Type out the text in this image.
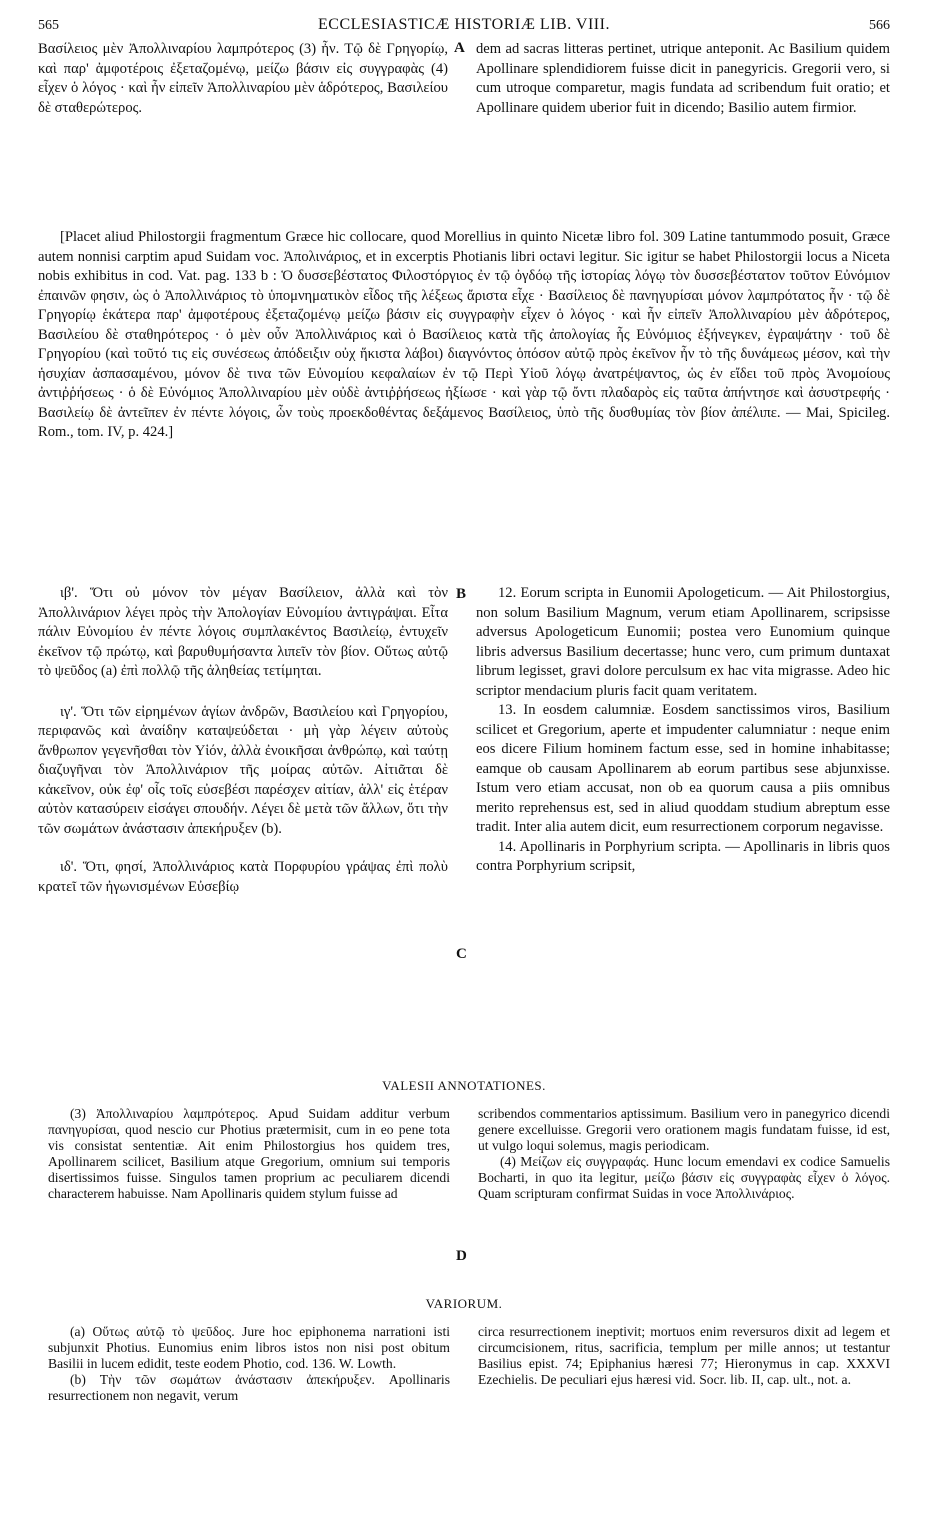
565	ECCLESIASTICÆ HISTORIÆ LIB. VIII.	566

Βασίλειος μὲν Ἀπολλιναρίου λαμπρότερος (3) ἦν. Τῷ δὲ Γρηγορίῳ, καὶ παρ' ἀμφοτέροις ἐξεταζομένῳ, μείζω βάσιν εἰς συγγραφὰς (4) εἶχεν ὁ λόγος · καὶ ἦν εἰπεῖν Ἀπολλιναρίου μὲν ἁδρότερος, Βασιλείου δὲ σταθερώτερος.

A dem ad sacras litteras pertinet, utrique anteponit. Ac Basilium quidem Apollinare splendidiorem fuisse dicit in panegyricis. Gregorii vero, si cum utroque comparetur, magis fundata ad scribendum fuit oratio; et Apollinare quidem uberior fuit in dicendo; Basilio autem firmior.

[Placet aliud Philostorgii fragmentum Græce hic collocare, quod Morellius in quinto Nicetæ libro fol. 309 Latine tantummodo posuit, Græce autem nonnisi carptim apud Suidam voc. Ἀπολινάριος, et in excerptis Photianis libri octavi legitur. Sic igitur se habet Philostorgii locus a Niceta nobis exhibitus in cod. Vat. pag. 133 b : Ὁ δυσσεβέστατος Φιλοστόργιος ἐν τῷ ὀγδόῳ τῆς ἱστορίας λόγῳ τὸν δυσσεβέστατον τοῦτον Εὐνόμιον ἐπαινῶν φησιν, ὡς ὁ Ἀπολλινάριος τὸ ὑπομνηματικὸν εἶδος τῆς λέξεως ἄριστα εἶχε · Βασίλειος δὲ πανηγυρίσαι μόνον λαμπρότατος ἦν · τῷ δὲ Γρηγορίῳ ἑκάτερα παρ' ἀμφοτέρους ἐξεταζομένῳ μείζω βάσιν εἰς συγγραφὴν εἶχεν ὁ λόγος · καὶ ἦν εἰπεῖν Ἀπολλιναρίου μὲν ἁδρότερος, Βασιλείου δὲ σταθηρότερος · ὁ μὲν οὖν Ἀπολλινάριος καὶ ὁ Βασίλειος κατὰ τῆς ἀπολογίας ἧς Εὐνόμιος ἐξήνεγκεν, ἐγραψάτην · τοῦ δὲ Γρηγορίου (καὶ τοῦτό τις εἰς συνέσεως ἀπόδειξιν οὐχ ἥκιστα λάβοι) διαγνόντος ὁπόσον αὐτῷ πρὸς ἐκεῖνον ἦν τὸ τῆς δυνάμεως μέσον, καὶ τὴν ἡσυχίαν ἀσπασαμένου, μόνον δὲ τινα τῶν Εὐνομίου κεφαλαίων ἐν τῷ Περὶ Υἱοῦ λόγῳ ἀνατρέψαντος, ὡς ἐν εἴδει τοῦ πρὸς Ἀνομοίους ἀντιῤῥήσεως · ὁ δὲ Εὐνόμιος Ἀπολλιναρίου μὲν οὐδὲ ἀντιῤῥήσεως ἠξίωσε · καὶ γὰρ τῷ ὄντι πλαδαρὸς εἰς ταῦτα ἀπήντησε καὶ ἀσυστρεφής · Βασιλείῳ δὲ ἀντεῖπεν ἐν πέντε λόγοις, ὧν τοὺς προεκδοθέντας δεξάμενος Βασίλειος, ὑπὸ τῆς δυσθυμίας τὸν βίον ἀπέλιπε. — Mai, Spicileg. Rom., tom. IV, p. 424.]

ιβ'. Ὅτι οὐ μόνον τὸν μέγαν Βασίλειον, ἀλλὰ καὶ τὸν Ἀπολλινάριον λέγει πρὸς τὴν Ἀπολογίαν Εὐνομίου ἀντιγράψαι. Εἶτα πάλιν Εὐνομίου ἐν πέντε λόγοις συμπλακέντος Βασιλείῳ, ἐντυχεῖν ἐκεῖνον τῷ πρώτῳ, καὶ βαρυθυμήσαντα λιπεῖν τὸν βίον. Οὕτως αὐτῷ τὸ ψεῦδος (a) ἐπὶ πολλῷ τῆς ἀληθείας τετίμηται.

ιγ'. Ὅτι τῶν εἰρημένων ἁγίων ἀνδρῶν, Βασιλείου καὶ Γρηγορίου, περιφανῶς καὶ ἀναίδην καταψεύδεται · μὴ γὰρ λέγειν αὐτοὺς ἄνθρωπον γεγενῆσθαι τὸν Υἱόν, ἀλλὰ ἐνοικῆσαι ἀνθρώπῳ, καὶ ταύτῃ διαζυγῆναι τὸν Ἀπολλινάριον τῆς μοίρας αὐτῶν. Αἰτιᾶται δὲ κἀκεῖνον, οὐκ ἐφ' οἷς τοῖς εὐσεβέσι παρέσχεν αἰτίαν, ἀλλ' εἰς ἑτέραν αὐτὸν κατασύρειν εἰσάγει σπουδήν. Λέγει δὲ μετὰ τῶν ἄλλων, ὅτι τὴν τῶν σωμάτων ἀνάστασιν ἀπεκήρυξεν (b).

ιδ'. Ὅτι, φησί, Ἀπολλινάριος κατὰ Πορφυρίου γράψας ἐπὶ πολὺ κρατεῖ τῶν ἠγωνισμένων Εὐσεβίῳ

B
C

12. Eorum scripta in Eunomii Apologeticum. — Ait Philostorgius, non solum Basilium Magnum, verum etiam Apollinarem, scripsisse adversus Apologeticum Eunomii; postea vero Eunomium quinque libris adversus Basilium decertasse; hunc vero, cum primum duntaxat librum legisset, gravi dolore perculsum ex hac vita migrasse. Adeo hic scriptor mendacium pluris facit quam veritatem.

13. In eosdem calumniæ. Eosdem sanctissimos viros, Basilium scilicet et Gregorium, aperte et impudenter calumniatur : neque enim eos dicere Filium hominem factum esse, sed in homine inhabitasse; eamque ob causam Apollinarem ab eorum partibus sese abjunxisse. Istum vero etiam accusat, non ob ea quorum causa a piis omnibus merito reprehensus est, sed in aliud quoddam studium abreptum esse tradit. Inter alia autem dicit, eum resurrectionem corporum negavisse.

14. Apollinaris in Porphyrium scripta. — Apollinaris in libris quos contra Porphyrium scripsit,

VALESII ANNOTATIONES.

(3) Ἀπολλιναρίου λαμπρότερος. Apud Suidam additur verbum πανηγυρίσαι, quod nescio cur Photius prætermisit, cum in eo pene tota vis consistat sententiæ. Ait enim Philostorgius hos quidem tres, Apollinarem scilicet, Basilium atque Gregorium, omnium sui temporis disertissimos fuisse. Singulos tamen proprium ac peculiarem dicendi characterem habuisse. Nam Apollinaris quidem stylum fuisse ad

D

scribendos commentarios aptissimum. Basilium vero in panegyrico dicendi genere excelluisse. Gregorii vero orationem magis fundatam fuisse, id est, ut vulgo loqui solemus, magis periodicam.

(4) Μείζων εἰς συγγραφάς. Hunc locum emendavi ex codice Samuelis Bocharti, in quo ita legitur, μείζω βάσιν εἰς συγγραφὰς εἶχεν ὁ λόγος. Quam scripturam confirmat Suidas in voce Ἀπολλινάριος.

VARIORUM.

(a) Οὕτως αὐτῷ τὸ ψεῦδος. Jure hoc epiphonema narrationi isti subjunxit Photius. Eunomius enim libros istos non nisi post obitum Basilii in lucem edidit, teste eodem Photio, cod. 136. W. Lowth.

(b) Τὴν τῶν σωμάτων ἀνάστασιν ἀπεκήρυξεν. Apollinaris resurrectionem non negavit, verum

circa resurrectionem ineptivit; mortuos enim reversuros dixit ad legem et circumcisionem, ritus, sacrificia, templum per mille annos; ut testantur Basilius epist. 74; Epiphanius hæresi 77; Hieronymus in cap. XXXVI Ezechielis. De peculiari ejus hæresi vid. Socr. lib. II, cap. ult., not. a.
